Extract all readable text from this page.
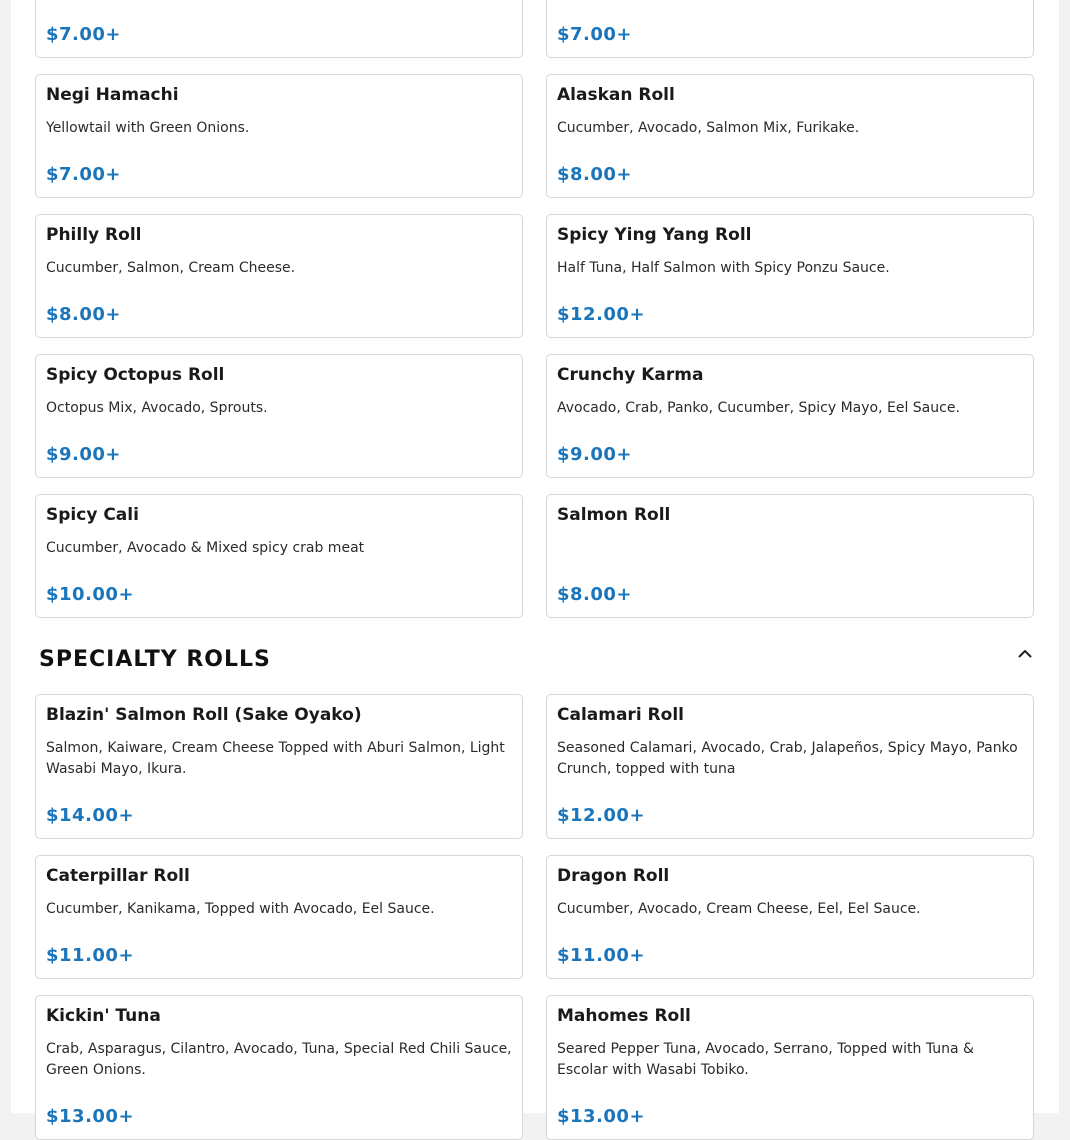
$7.00+	$7.00+
Negi Hamachi
Yellowtail with Green Onions.
$7.00+
Alaskan Roll
Cucumber, Avocado, Salmon Mix, Furikake.
$8.00+
Philly Roll
Cucumber, Salmon, Cream Cheese.
$8.00+
Spicy Ying Yang Roll
Half Tuna, Half Salmon with Spicy Ponzu Sauce.
$12.00+
Spicy Octopus Roll
Octopus Mix, Avocado, Sprouts.
$9.00+
Crunchy Karma
Avocado, Crab, Panko, Cucumber, Spicy Mayo, Eel Sauce.
$9.00+
Spicy Cali
Cucumber, Avocado & Mixed spicy crab meat
$10.00+
Salmon Roll
$8.00+
SPECIALTY ROLLS
Blazin' Salmon Roll (Sake Oyako)
Salmon, Kaiware, Cream Cheese Topped with Aburi Salmon, Light Wasabi Mayo, Ikura.
$14.00+
Calamari Roll
Seasoned Calamari, Avocado, Crab, Jalapeños, Spicy Mayo, Panko Crunch, topped with tuna
$12.00+
Caterpillar Roll
Cucumber, Kanikama, Topped with Avocado, Eel Sauce.
$11.00+
Dragon Roll
Cucumber, Avocado, Cream Cheese, Eel, Eel Sauce.
$11.00+
Kickin' Tuna
Crab, Asparagus, Cilantro, Avocado, Tuna, Special Red Chili Sauce, Green Onions.
$13.00+
Mahomes Roll
Seared Pepper Tuna, Avocado, Serrano, Topped with Tuna & Escolar with Wasabi Tobiko.
$13.00+
